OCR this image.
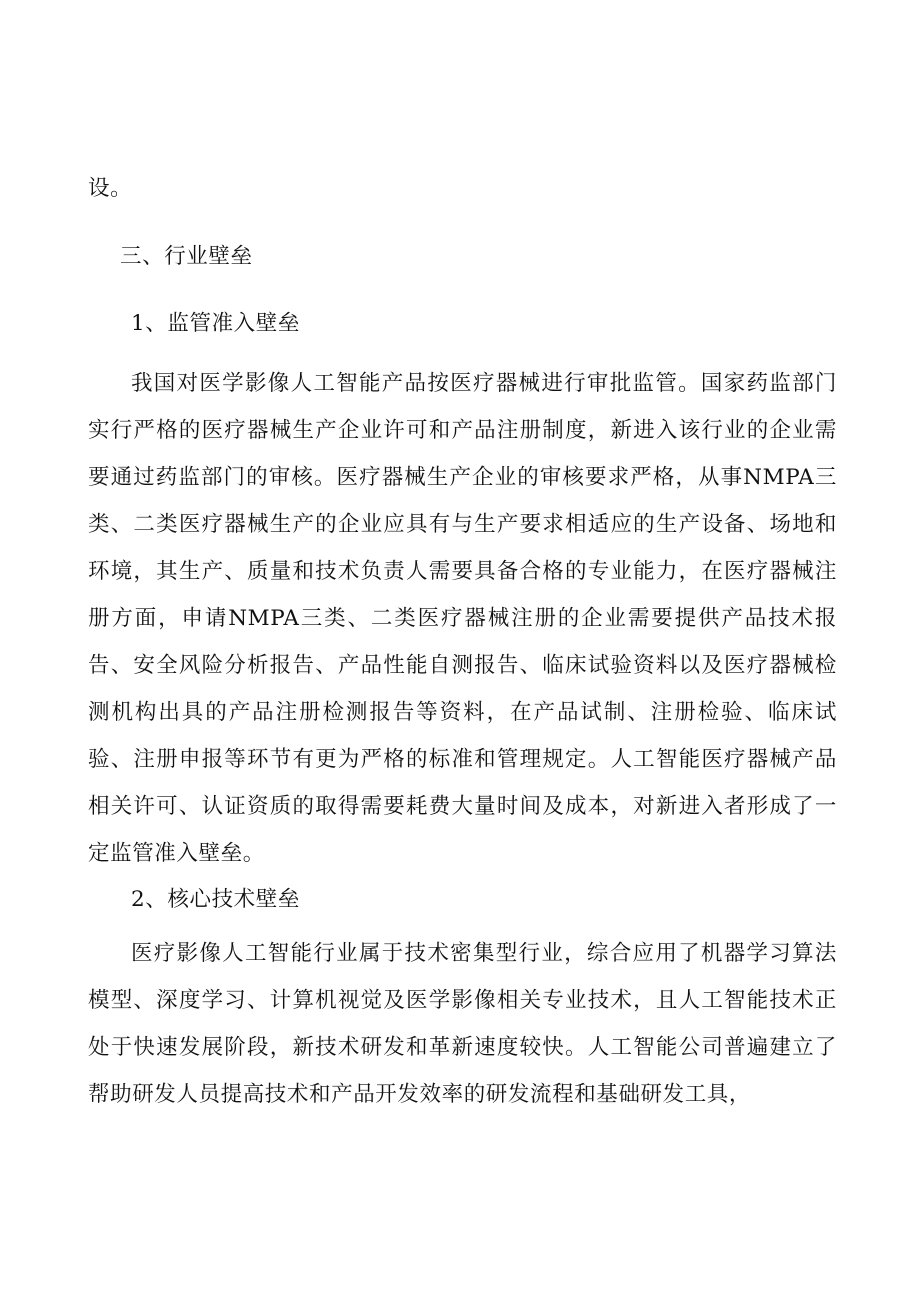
设。

三、行业壁垒

1、监管准入壁垒

我国对医学影像人工智能产品按医疗器械进行审批监管。国家药监部门实行严格的医疗器械生产企业许可和产品注册制度，新进入该行业的企业需要通过药监部门的审核。医疗器械生产企业的审核要求严格，从事NMPA三类、二类医疗器械生产的企业应具有与生产要求相适应的生产设备、场地和环境，其生产、质量和技术负责人需要具备合格的专业能力，在医疗器械注册方面，申请NMPA三类、二类医疗器械注册的企业需要提供产品技术报告、安全风险分析报告、产品性能自测报告、临床试验资料以及医疗器械检测机构出具的产品注册检测报告等资料，在产品试制、注册检验、临床试验、注册申报等环节有更为严格的标准和管理规定。人工智能医疗器械产品相关许可、认证资质的取得需要耗费大量时间及成本，对新进入者形成了一定监管准入壁垒。

2、核心技术壁垒

医疗影像人工智能行业属于技术密集型行业，综合应用了机器学习算法模型、深度学习、计算机视觉及医学影像相关专业技术，且人工智能技术正处于快速发展阶段，新技术研发和革新速度较快。人工智能公司普遍建立了帮助研发人员提高技术和产品开发效率的研发流程和基础研发工具，
